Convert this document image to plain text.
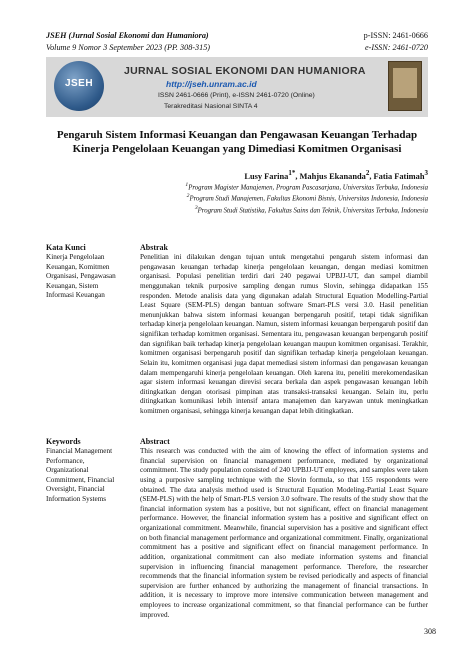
JSEH (Jurnal Sosial Ekonomi dan Humaniora)
Volume 9 Nomor 3 September 2023 (PP. 308-315)
p-ISSN: 2461-0666
e-ISSN: 2461-0720
JSEH
JURNAL SOSIAL EKONOMI DAN HUMANIORA
http://jseh.unram.ac.id
ISSN 2461-0666 (Print), e-ISSN 2461-0720 (Online)
Terakreditasi Nasional SINTA 4
Pengaruh Sistem Informasi Keuangan dan Pengawasan Keuangan Terhadap Kinerja Pengelolaan Keuangan yang Dimediasi Komitmen Organisasi
Lusy Farina$^{1*}$, Mahjus Ekananda$^2$, Fatia Fatimah$^3$
$^1$Program Magister Manajemen, Program Pascasarjana, Universitas Terbuka, Indonesia
$^2$Program Studi Manajemen, Fakultas Ekonomi Bisnis, Universitas Indonesia, Indonesia
$^3$Program Studi Statistika, Fakultas Sains dan Teknik, Universitas Terbuka, Indonesia
Kata Kunci
Kinerja Pengelolaan Keuangan, Komitmen Organisasi, Pengawasan Keuangan, Sistem Informasi Keuangan
Abstrak
Penelitian ini dilakukan dengan tujuan untuk mengetahui pengaruh sistem informasi dan pengawasan keuangan terhadap kinerja pengelolaan keuangan, dengan mediasi komitmen organisasi. Populasi penelitian terdiri dari 240 pegawai UPBJJ-UT, dan sampel diambil menggunakan teknik purposive sampling dengan rumus Slovin, sehingga didapatkan 155 responden. Metode analisis data yang digunakan adalah Structural Equation Modelling-Partial Least Square (SEM-PLS) dengan bantuan software Smart-PLS versi 3.0. Hasil penelitian menunjukkan bahwa sistem informasi keuangan berpengaruh positif, tetapi tidak signifikan terhadap kinerja pengelolaan keuangan. Namun, sistem informasi keuangan berpengaruh positif dan signifikan terhadap komitmen organisasi. Sementara itu, pengawasan keuangan berpengaruh positif dan signifikan baik terhadap kinerja pengelolaan keuangan maupun komitmen organisasi. Terakhir, komitmen organisasi berpengaruh positif dan signifikan terhadap kinerja pengelolaan keuangan. Selain itu, komitmen organisasi juga dapat memediasi sistem informasi dan pengawasan keuangan dalam mempengaruhi kinerja pengelolaan keuangan. Oleh karena itu, peneliti merekomendasikan agar sistem informasi keuangan direvisi secara berkala dan aspek pengawasan keuangan lebih ditingkatkan dengan otorisasi pimpinan atas transaksi-transaksi keuangan. Selain itu, perlu ditingkatkan komunikasi lebih intensif antara manajemen dan karyawan untuk meningkatkan komitmen organisasi, sehingga kinerja keuangan dapat lebih ditingkatkan.
Keywords
Financial Management Performance, Organizational Commitment, Financial Oversight, Financial Information Systems
Abstract
This research was conducted with the aim of knowing the effect of information systems and financial supervision on financial management performance, mediated by organizational commitment. The study population consisted of 240 UPBJJ-UT employees, and samples were taken using a purposive sampling technique with the Slovin formula, so that 155 respondents were obtained. The data analysis method used is Structural Equation Modeling-Partial Least Square (SEM-PLS) with the help of Smart-PLS version 3.0 software. The results of the study show that the financial information system has a positive, but not significant, effect on financial management performance. However, the financial information system has a positive and significant effect on organizational commitment. Meanwhile, financial supervision has a positive and significant effect on both financial management performance and organizational commitment. Finally, organizational commitment has a positive and significant effect on financial management performance. In addition, organizational commitment can also mediate information systems and financial supervision in influencing financial management performance. Therefore, the researcher recommends that the financial information system be revised periodically and aspects of financial supervision are further enhanced by authorizing the management of financial transactions. In addition, it is necessary to improve more intensive communication between management and employees to increase organizational commitment, so that financial performance can be further improved.
308
